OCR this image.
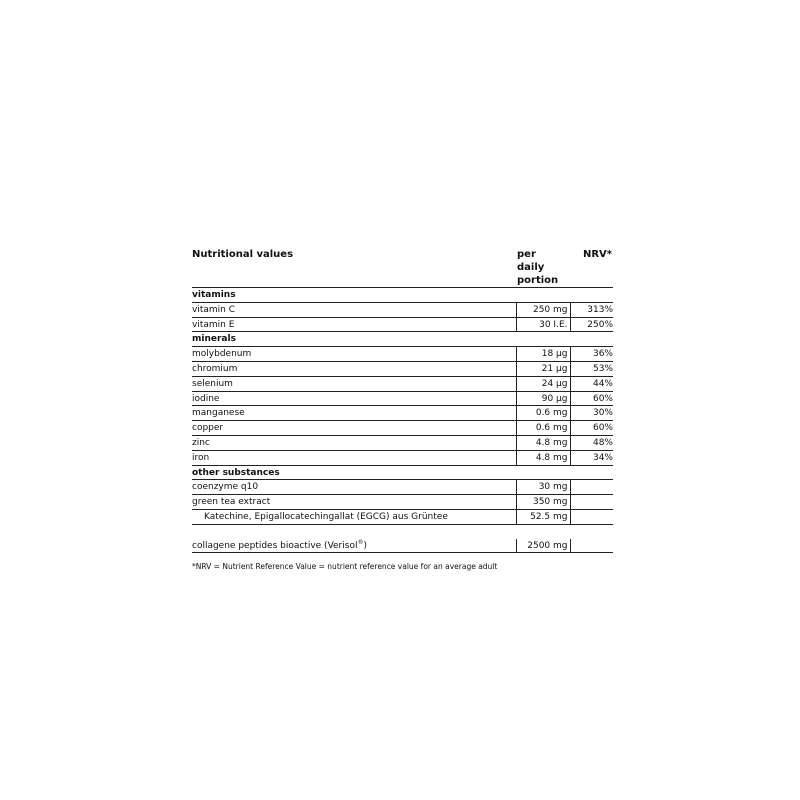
Nutritional values	per
daily
portion	NRV*
vitamins		
vitamin C	250 mg	313%
vitamin E	30 I.E.	250%
minerals		
molybdenum	18 µg	36%
chromium	21 µg	53%
selenium	24 µg	44%
iodine	90 µg	60%
manganese	0.6 mg	30%
copper	0.6 mg	60%
zinc	4.8 mg	48%
iron	4.8 mg	34%
other substances		
coenzyme q10	30 mg	
green tea extract	350 mg	
Katechine, Epigallocatechingallat (EGCG) aus Grüntee	52.5 mg	

collagene peptides bioactive (Verisol®)	2500 mg	
*NRV = Nutrient Reference Value = nutrient reference value for an average adult
